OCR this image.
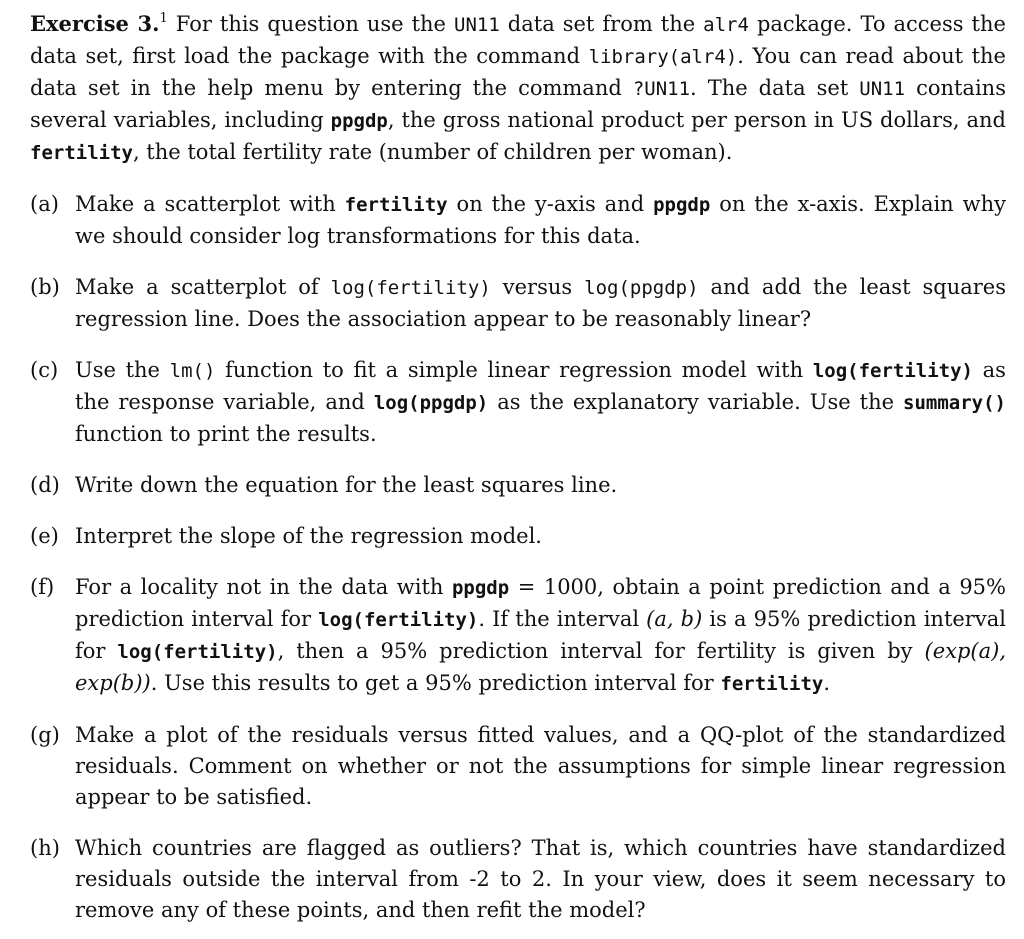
Exercise 3.$^1$ For this question use the UN11 data set from the alr4 package. To access the data set, first load the package with the command library(alr4). You can read about the data set in the help menu by entering the command ?UN11. The data set UN11 contains several variables, including ppgdp, the gross national product per person in US dollars, and fertility, the total fertility rate (number of children per woman).

(a) Make a scatterplot with fertility on the y-axis and ppgdp on the x-axis. Explain why we should consider log transformations for this data.
(b) Make a scatterplot of log(fertility) versus log(ppgdp) and add the least squares regression line. Does the association appear to be reasonably linear?
(c) Use the lm() function to fit a simple linear regression model with log(fertility) as the response variable, and log(ppgdp) as the explanatory variable. Use the summary() function to print the results.
(d) Write down the equation for the least squares line.
(e) Interpret the slope of the regression model.
(f) For a locality not in the data with ppgdp = 1000, obtain a point prediction and a 95% prediction interval for log(fertility). If the interval (a, b) is a 95% prediction interval for log(fertility), then a 95% prediction interval for fertility is given by (exp(a), exp(b)). Use this results to get a 95% prediction interval for fertility.
(g) Make a plot of the residuals versus fitted values, and a QQ-plot of the standardized residuals. Comment on whether or not the assumptions for simple linear regression appear to be satisfied.
(h) Which countries are flagged as outliers? That is, which countries have standardized residuals outside the interval from -2 to 2. In your view, does it seem necessary to remove any of these points, and then refit the model?
